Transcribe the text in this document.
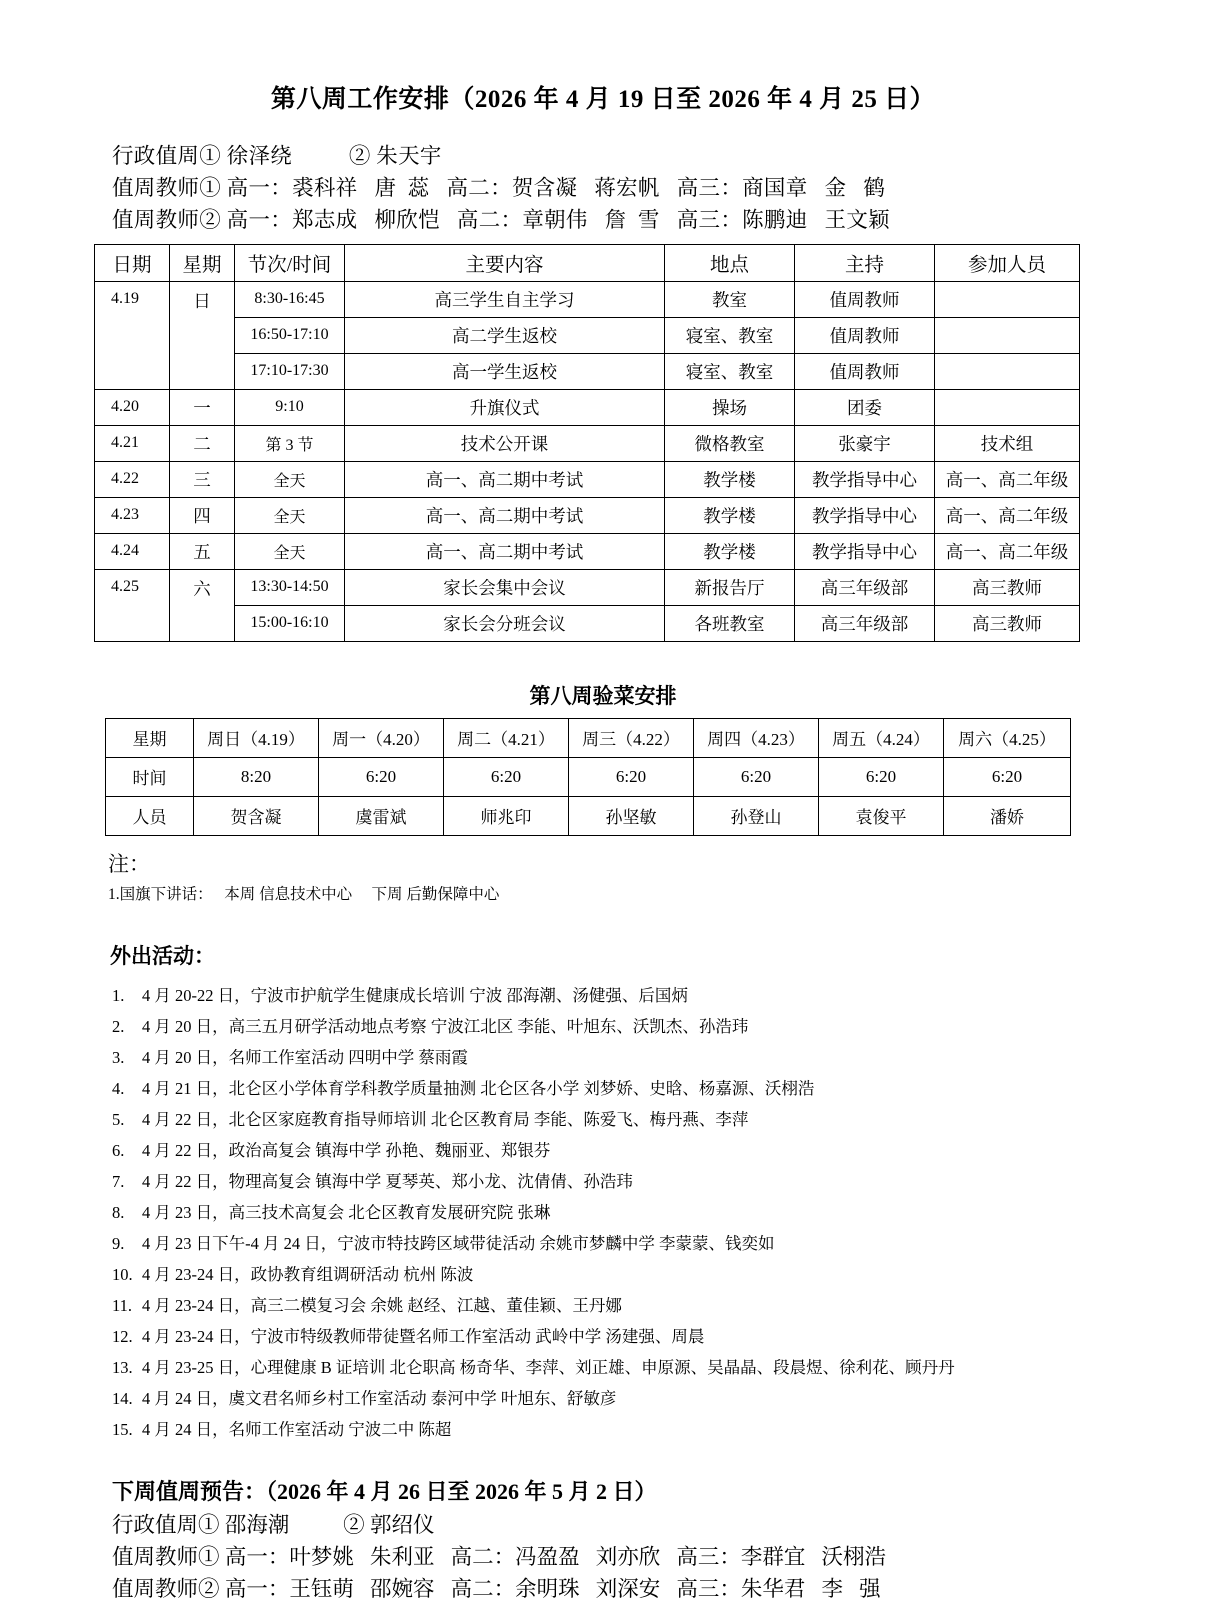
第八周工作安排（2026 年 4 月 19 日至 2026 年 4 月 25 日）
行政值周① 徐泽绕          ② 朱天宇
值周教师① 高一：裘科祥   唐  蕊   高二：贺含凝   蒋宏帆   高三：商国章   金   鹤
值周教师② 高一：郑志成   柳欣恺   高二：章朝伟   詹  雪   高三：陈鹏迪   王文颖
日期	星期	节次/时间	主要内容	地点	主持	参加人员
4.19	日	8:30-16:45	高三学生自主学习	教室	值周教师	
		16:50-17:10	高二学生返校	寝室、教室	值周教师	
		17:10-17:30	高一学生返校	寝室、教室	值周教师	
4.20	一	9:10	升旗仪式	操场	团委	
4.21	二	第 3 节	技术公开课	微格教室	张豪宇	技术组
4.22	三	全天	高一、高二期中考试	教学楼	教学指导中心	高一、高二年级
4.23	四	全天	高一、高二期中考试	教学楼	教学指导中心	高一、高二年级
4.24	五	全天	高一、高二期中考试	教学楼	教学指导中心	高一、高二年级
4.25	六	13:30-14:50	家长会集中会议	新报告厅	高三年级部	高三教师
		15:00-16:10	家长会分班会议	各班教室	高三年级部	高三教师
第八周验菜安排
星期	周日（4.19）	周一（4.20）	周二（4.21）	周三（4.22）	周四（4.23）	周五（4.24）	周六（4.25）
时间	8:20	6:20	6:20	6:20	6:20	6:20	6:20
人员	贺含凝	虞雷斌	师兆印	孙坚敏	孙登山	袁俊平	潘娇
注：
1.国旗下讲话：   本周 信息技术中心     下周 后勤保障中心
外出活动：
1. 4 月 20-22 日，宁波市护航学生健康成长培训 宁波 邵海潮、汤健强、后国炳
2. 4 月 20 日，高三五月研学活动地点考察 宁波江北区 李能、叶旭东、沃凯杰、孙浩玮
3. 4 月 20 日，名师工作室活动 四明中学 蔡雨霞
4. 4 月 21 日，北仑区小学体育学科教学质量抽测 北仑区各小学 刘梦娇、史晗、杨嘉源、沃栩浩
5. 4 月 22 日，北仑区家庭教育指导师培训 北仑区教育局 李能、陈爱飞、梅丹燕、李萍
6. 4 月 22 日，政治高复会 镇海中学 孙艳、魏丽亚、郑银芬
7. 4 月 22 日，物理高复会 镇海中学 夏琴英、郑小龙、沈倩倩、孙浩玮
8. 4 月 23 日，高三技术高复会 北仑区教育发展研究院 张琳
9. 4 月 23 日下午-4 月 24 日，宁波市特技跨区域带徒活动 余姚市梦麟中学 李蒙蒙、钱奕如
10. 4 月 23-24 日，政协教育组调研活动 杭州 陈波
11. 4 月 23-24 日，高三二模复习会 余姚 赵经、江越、董佳颖、王丹娜
12. 4 月 23-24 日，宁波市特级教师带徒暨名师工作室活动 武岭中学 汤建强、周晨
13. 4 月 23-25 日，心理健康 B 证培训 北仑职高 杨奇华、李萍、刘正雄、申原源、吴晶晶、段晨煜、徐利花、顾丹丹
14. 4 月 24 日，虞文君名师乡村工作室活动 泰河中学 叶旭东、舒敏彦
15. 4 月 24 日，名师工作室活动 宁波二中 陈超
下周值周预告：（2026 年 4 月 26 日至 2026 年 5 月 2 日）
行政值周① 邵海潮          ② 郭绍仪
值周教师① 高一：叶梦姚   朱利亚   高二：冯盈盈   刘亦欣   高三：李群宜   沃栩浩
值周教师② 高一：王钰萌   邵婉容   高二：余明珠   刘深安   高三：朱华君   李   强
